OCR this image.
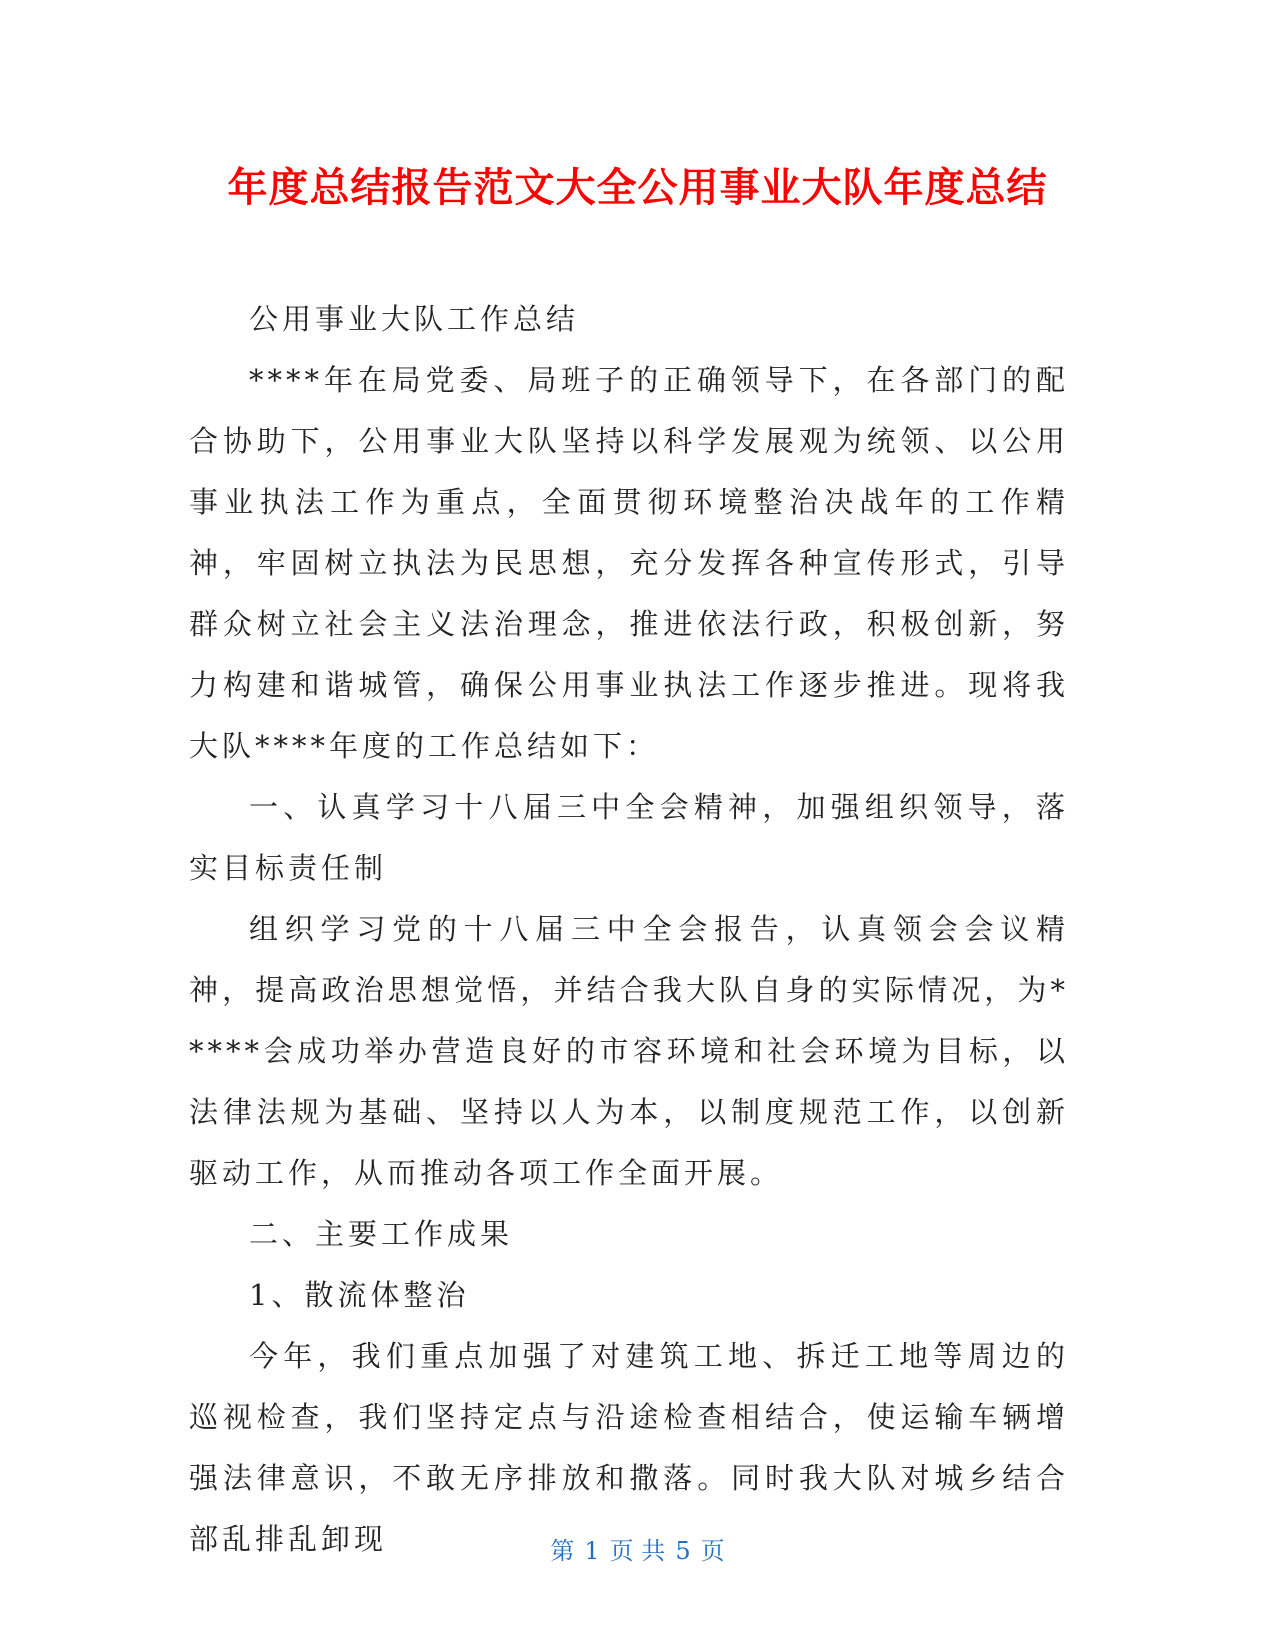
年度总结报告范文大全公用事业大队年度总结

公用事业大队工作总结

****年在局党委、局班子的正确领导下，在各部门的配合协助下，公用事业大队坚持以科学发展观为统领、以公用事业执法工作为重点，全面贯彻环境整治决战年的工作精神，牢固树立执法为民思想，充分发挥各种宣传形式，引导群众树立社会主义法治理念，推进依法行政，积极创新，努力构建和谐城管，确保公用事业执法工作逐步推进。现将我大队****年度的工作总结如下：

一、认真学习十八届三中全会精神，加强组织领导，落实目标责任制

组织学习党的十八届三中全会报告，认真领会会议精神，提高政治思想觉悟，并结合我大队自身的实际情况，为*****会成功举办营造良好的市容环境和社会环境为目标，以法律法规为基础、坚持以人为本，以制度规范工作，以创新驱动工作，从而推动各项工作全面开展。

二、主要工作成果

1、散流体整治

今年，我们重点加强了对建筑工地、拆迁工地等周边的巡视检查，我们坚持定点与沿途检查相结合，使运输车辆增强法律意识，不敢无序排放和撒落。同时我大队对城乡结合部乱排乱卸现	第 1 页 共 5 页
